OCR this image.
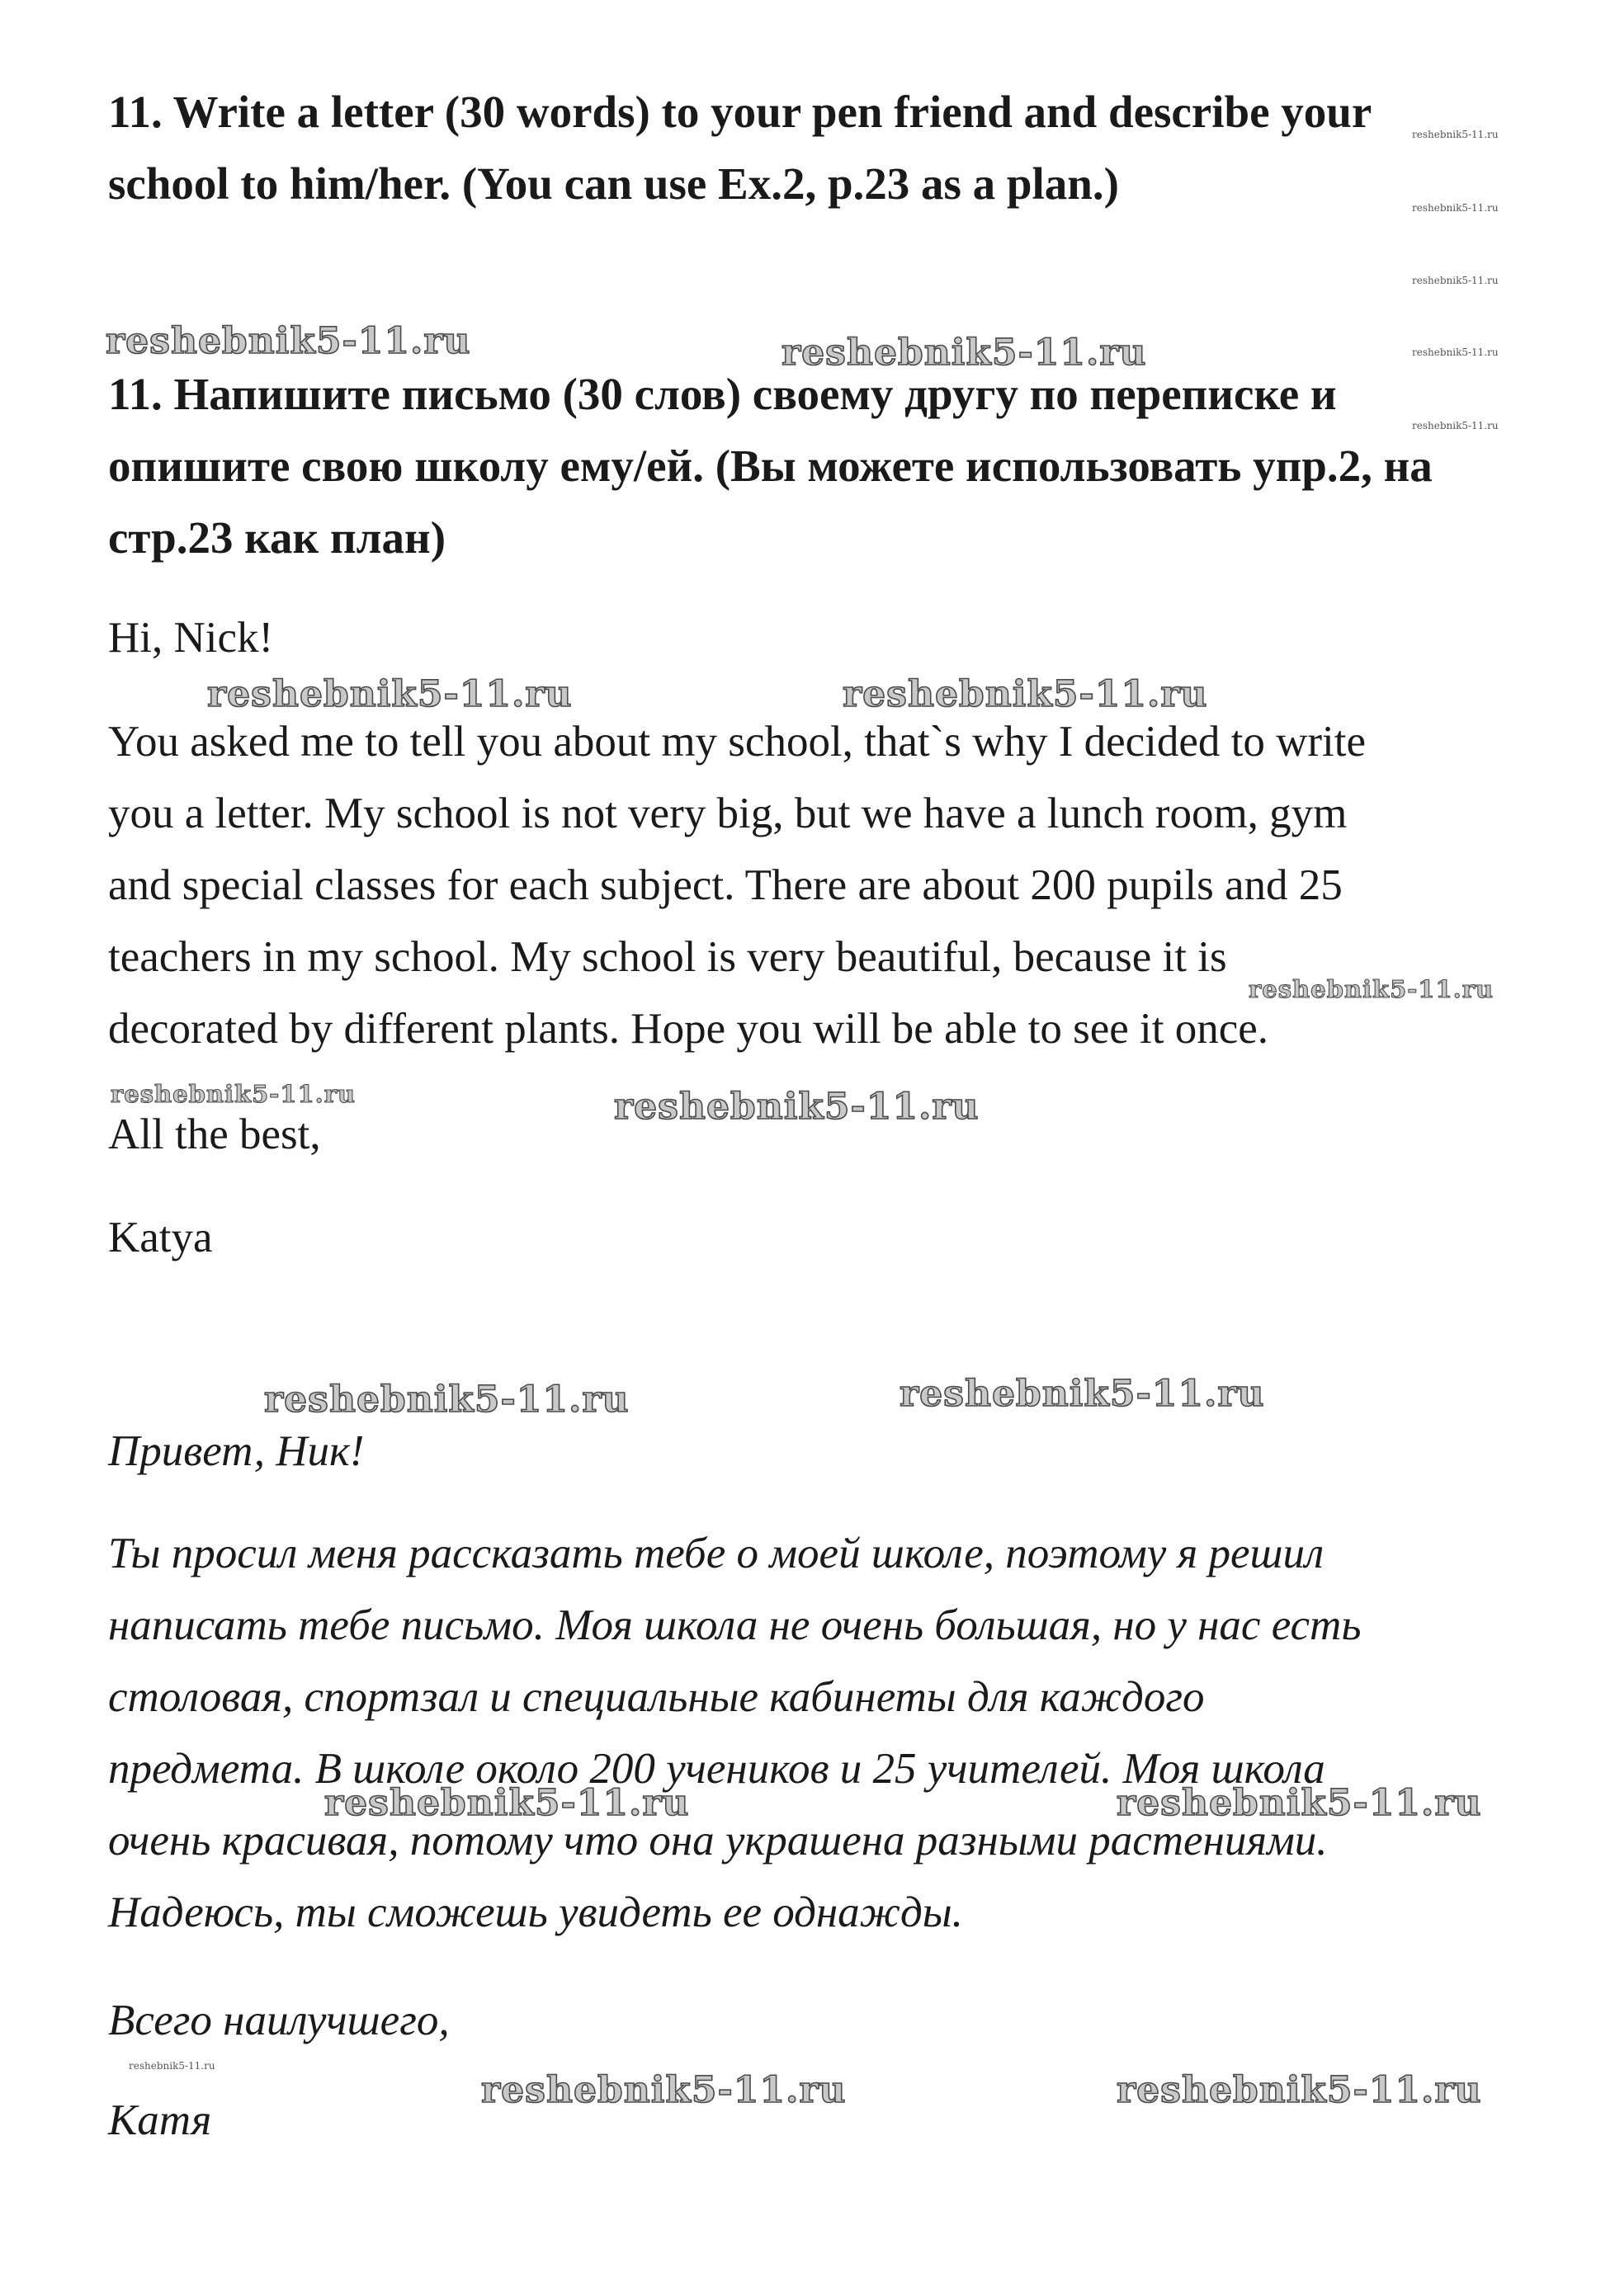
11. Write a letter (30 words) to your pen friend and describe your
school to him/her. (You can use Ex.2, p.23 as a plan.)
11. Напишите письмо (30 слов) своему другу по переписке и
опишите свою школу ему/ей. (Вы можете использовать упр.2, на
стр.23 как план)
Hi, Nick!
You asked me to tell you about my school, that`s why I decided to write
you a letter. My school is not very big, but we have a lunch room, gym
and special classes for each subject. There are about 200 pupils and 25
teachers in my school. My school is very beautiful, because it is
decorated by different plants. Hope you will be able to see it once.
All the best,
Katya
Привет, Ник!
Ты просил меня рассказать тебе о моей школе, поэтому я решил
написать тебе письмо. Моя школа не очень большая, но у нас есть
столовая, спортзал и специальные кабинеты для каждого
предмета. В школе около 200 учеников и 25 учителей. Моя школа
очень красивая, потому что она украшена разными растениями.
Надеюсь, ты сможешь увидеть ее однажды.
Всего наилучшего,
Катя
reshebnik5-11.ru	reshebnik5-11.ru
reshebnik5-11.ru	reshebnik5-11.ru
reshebnik5-11.ru
reshebnik5-11.ru
reshebnik5-11.ru
reshebnik5-11.ru	reshebnik5-11.ru
reshebnik5-11.ru	reshebnik5-11.ru
reshebnik5-11.ru	reshebnik5-11.ru
reshebnik5-11.ru
reshebnik5-11.ru
reshebnik5-11.ru
reshebnik5-11.ru
reshebnik5-11.ru
reshebnik5-11.ru
